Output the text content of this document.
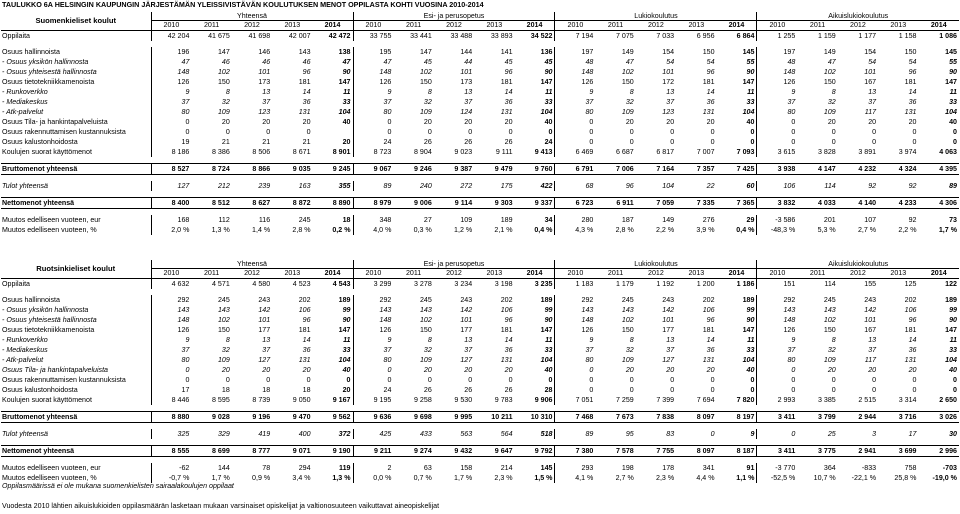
TAULUKKO 6A HELSINGIN KAUPUNGIN JÄRJESTÄMÄN YLEISSIVISTÄVÄN KOULUTUKSEN MENOT OPPILASTA KOHTI VUOSINA 2010-2014
Suomenkieliset koulut	Yhteensä					Esi- ja perusopetus					Lukiokoulutus					Aikuislukiokoulutus				
	2010	2011	2012	2013	2014	2010	2011	2012	2013	2014	2010	2011	2012	2013	2014	2010	2011	2012	2013	2014
Oppilaita	42 204	41 675	41 698	42 007	42 472	33 755	33 441	33 488	33 893	34 522	7 194	7 075	7 033	6 956	6 864	1 255	1 159	1 177	1 158	1 086

Osuus hallinnoista	196	147	146	143	138	195	147	144	141	136	197	149	154	150	145	197	149	154	150	145
- Osuus yksikön hallinnosta	47	46	46	46	47	47	45	44	45	45	48	47	54	54	55	48	47	54	54	55
- Osuus yhteisestä hallinnosta	148	102	101	96	90	148	102	101	96	90	148	102	101	96	90	148	102	101	96	90
Osuus tietotekniikkamenoista	126	150	173	181	147	126	150	173	181	147	126	150	172	181	147	126	150	167	181	147
- Runkoverkko	9	8	13	14	11	9	8	13	14	11	9	8	13	14	11	9	8	13	14	11
- Mediakeskus	37	32	37	36	33	37	32	37	36	33	37	32	37	36	33	37	32	37	36	33
- Atk-palvelut	80	109	123	131	104	80	109	124	131	104	80	109	123	131	104	80	109	117	131	104
Osuus Tila- ja hankintapalveluista	0	20	20	20	40	0	20	20	20	40	0	20	20	20	40	0	20	20	20	40
Osuus rakennuttamisen kustannuksista	0	0	0	0		0	0	0	0	0	0	0	0	0	0	0	0	0	0	0
Osuus kalustonhoidosta	19	21	21	21	20	24	26	26	26	24	0	0	0	0	0	0	0	0	0	0
Koulujen suorat käyttömenot	8 186	8 386	8 506	8 671	8 901	8 723	8 904	9 023	9 111	9 413	6 469	6 687	6 817	7 007	7 093	3 615	3 828	3 891	3 974	4 063

Bruttomenot yhteensä	8 527	8 724	8 866	9 035	9 245	9 067	9 246	9 387	9 479	9 760	6 791	7 006	7 164	7 357	7 425	3 938	4 147	4 232	4 324	4 395

Tulot yhteensä	127	212	239	163	355	89	240	272	175	422	68	96	104	22	60	106	114	92	92	89

Nettomenot yhteensä	8 400	8 512	8 627	8 872	8 890	8 979	9 006	9 114	9 303	9 337	6 723	6 911	7 059	7 335	7 365	3 832	4 033	4 140	4 233	4 306

Muutos edelliseen vuoteen, eur	168	112	116	245	18	348	27	109	189	34	280	187	149	276	29	-3 586	201	107	92	73
Muutos edelliseen vuoteen, %	2,0 %	1,3 %	1,4 %	2,8 %	0,2 %	4,0 %	0,3 %	1,2 %	2,1 %	0,4 %	4,3 %	2,8 %	2,2 %	3,9 %	0,4 %	-48,3 %	5,3 %	2,7 %	2,2 %	1,7 %
Ruotsinkieliset koulut	Yhteensä					Esi- ja perusopetus					Lukiokoulutus					Aikuislukiokoulutus				
	2010	2011	2012	2013	2014	2010	2011	2012	2013	2014	2010	2011	2012	2013	2014	2010	2011	2012	2013	2014
Oppilaita	4 632	4 571	4 580	4 523	4 543	3 299	3 278	3 234	3 198	3 235	1 183	1 179	1 192	1 200	1 186	151	114	155	125	122

Osuus hallinnoista	292	245	243	202	189	292	245	243	202	189	292	245	243	202	189	292	245	243	202	189
- Osuus yksikön hallinnosta	143	143	142	106	99	143	143	142	106	99	143	143	142	106	99	143	143	142	106	99
- Osuus yhteisestä hallinnosta	148	102	101	96	90	148	102	101	96	90	148	102	101	96	90	148	102	101	96	90
Osuus tietotekniikkamenoista	126	150	177	181	147	126	150	177	181	147	126	150	177	181	147	126	150	167	181	147
- Runkoverkko	9	8	13	14	11	9	8	13	14	11	9	8	13	14	11	9	8	13	14	11
- Mediakeskus	37	32	37	36	33	37	32	37	36	33	37	32	37	36	33	37	32	37	36	33
- Atk-palvelut	80	109	127	131	104	80	109	127	131	104	80	109	127	131	104	80	109	117	131	104
Osuus Tila- ja hankintapalveluista	0	20	20	20	40	0	20	20	20	40	0	20	20	20	40	0	20	20	20	40
Osuus rakennuttamisen kustannuksista	0	0	0	0	0	0	0	0	0	0	0	0	0	0	0	0	0	0	0	0
Osuus kalustonhoidosta	17	18	18	18	20	24	26	26	26	28	0	0	0	0	0	0	0	0	0	0
Koulujen suorat käyttömenot	8 446	8 595	8 739	9 050	9 167	9 195	9 258	9 530	9 783	9 906	7 051	7 259	7 399	7 694	7 820	2 993	3 385	2 515	3 314	2 650

Bruttomenot yhteensä	8 880	9 028	9 196	9 470	9 562	9 636	9 698	9 995	10 211	10 310	7 468	7 673	7 838	8 097	8 197	3 411	3 799	2 944	3 716	3 026

Tulot yhteensä	325	329	419	400	372	425	433	563	564	518	89	95	83	0	9	0	25	3	17	30

Nettomenot yhteensä	8 555	8 699	8 777	9 071	9 190	9 211	9 274	9 432	9 647	9 792	7 380	7 578	7 755	8 097	8 187	3 411	3 775	2 941	3 699	2 996

Muutos edelliseen vuoteen, eur	-62	144	78	294	119	2	63	158	214	145	293	198	178	341	91	-3 770	364	-833	758	-703
Muutos edelliseen vuoteen, %	-0,7 %	1,7 %	0,9 %	3,4 %	1,3 %	0,0 %	0,7 %	1,7 %	2,3 %	1,5 %	4,1 %	2,7 %	2,3 %	4,4 %	1,1 %	-52,5 %	10,7 %	-22,1 %	25,8 %	-19,0 %
Oppilasmäärissä ei ole mukana suomenkielisten sairaalakoulujen oppilaat
Vuodesta 2010 lähtien aikuislukioiden oppilasmäärän lasketaan mukaan varsinaiset opiskelijat ja valtionosuuteen vaikuttavat aineopiskelijat
